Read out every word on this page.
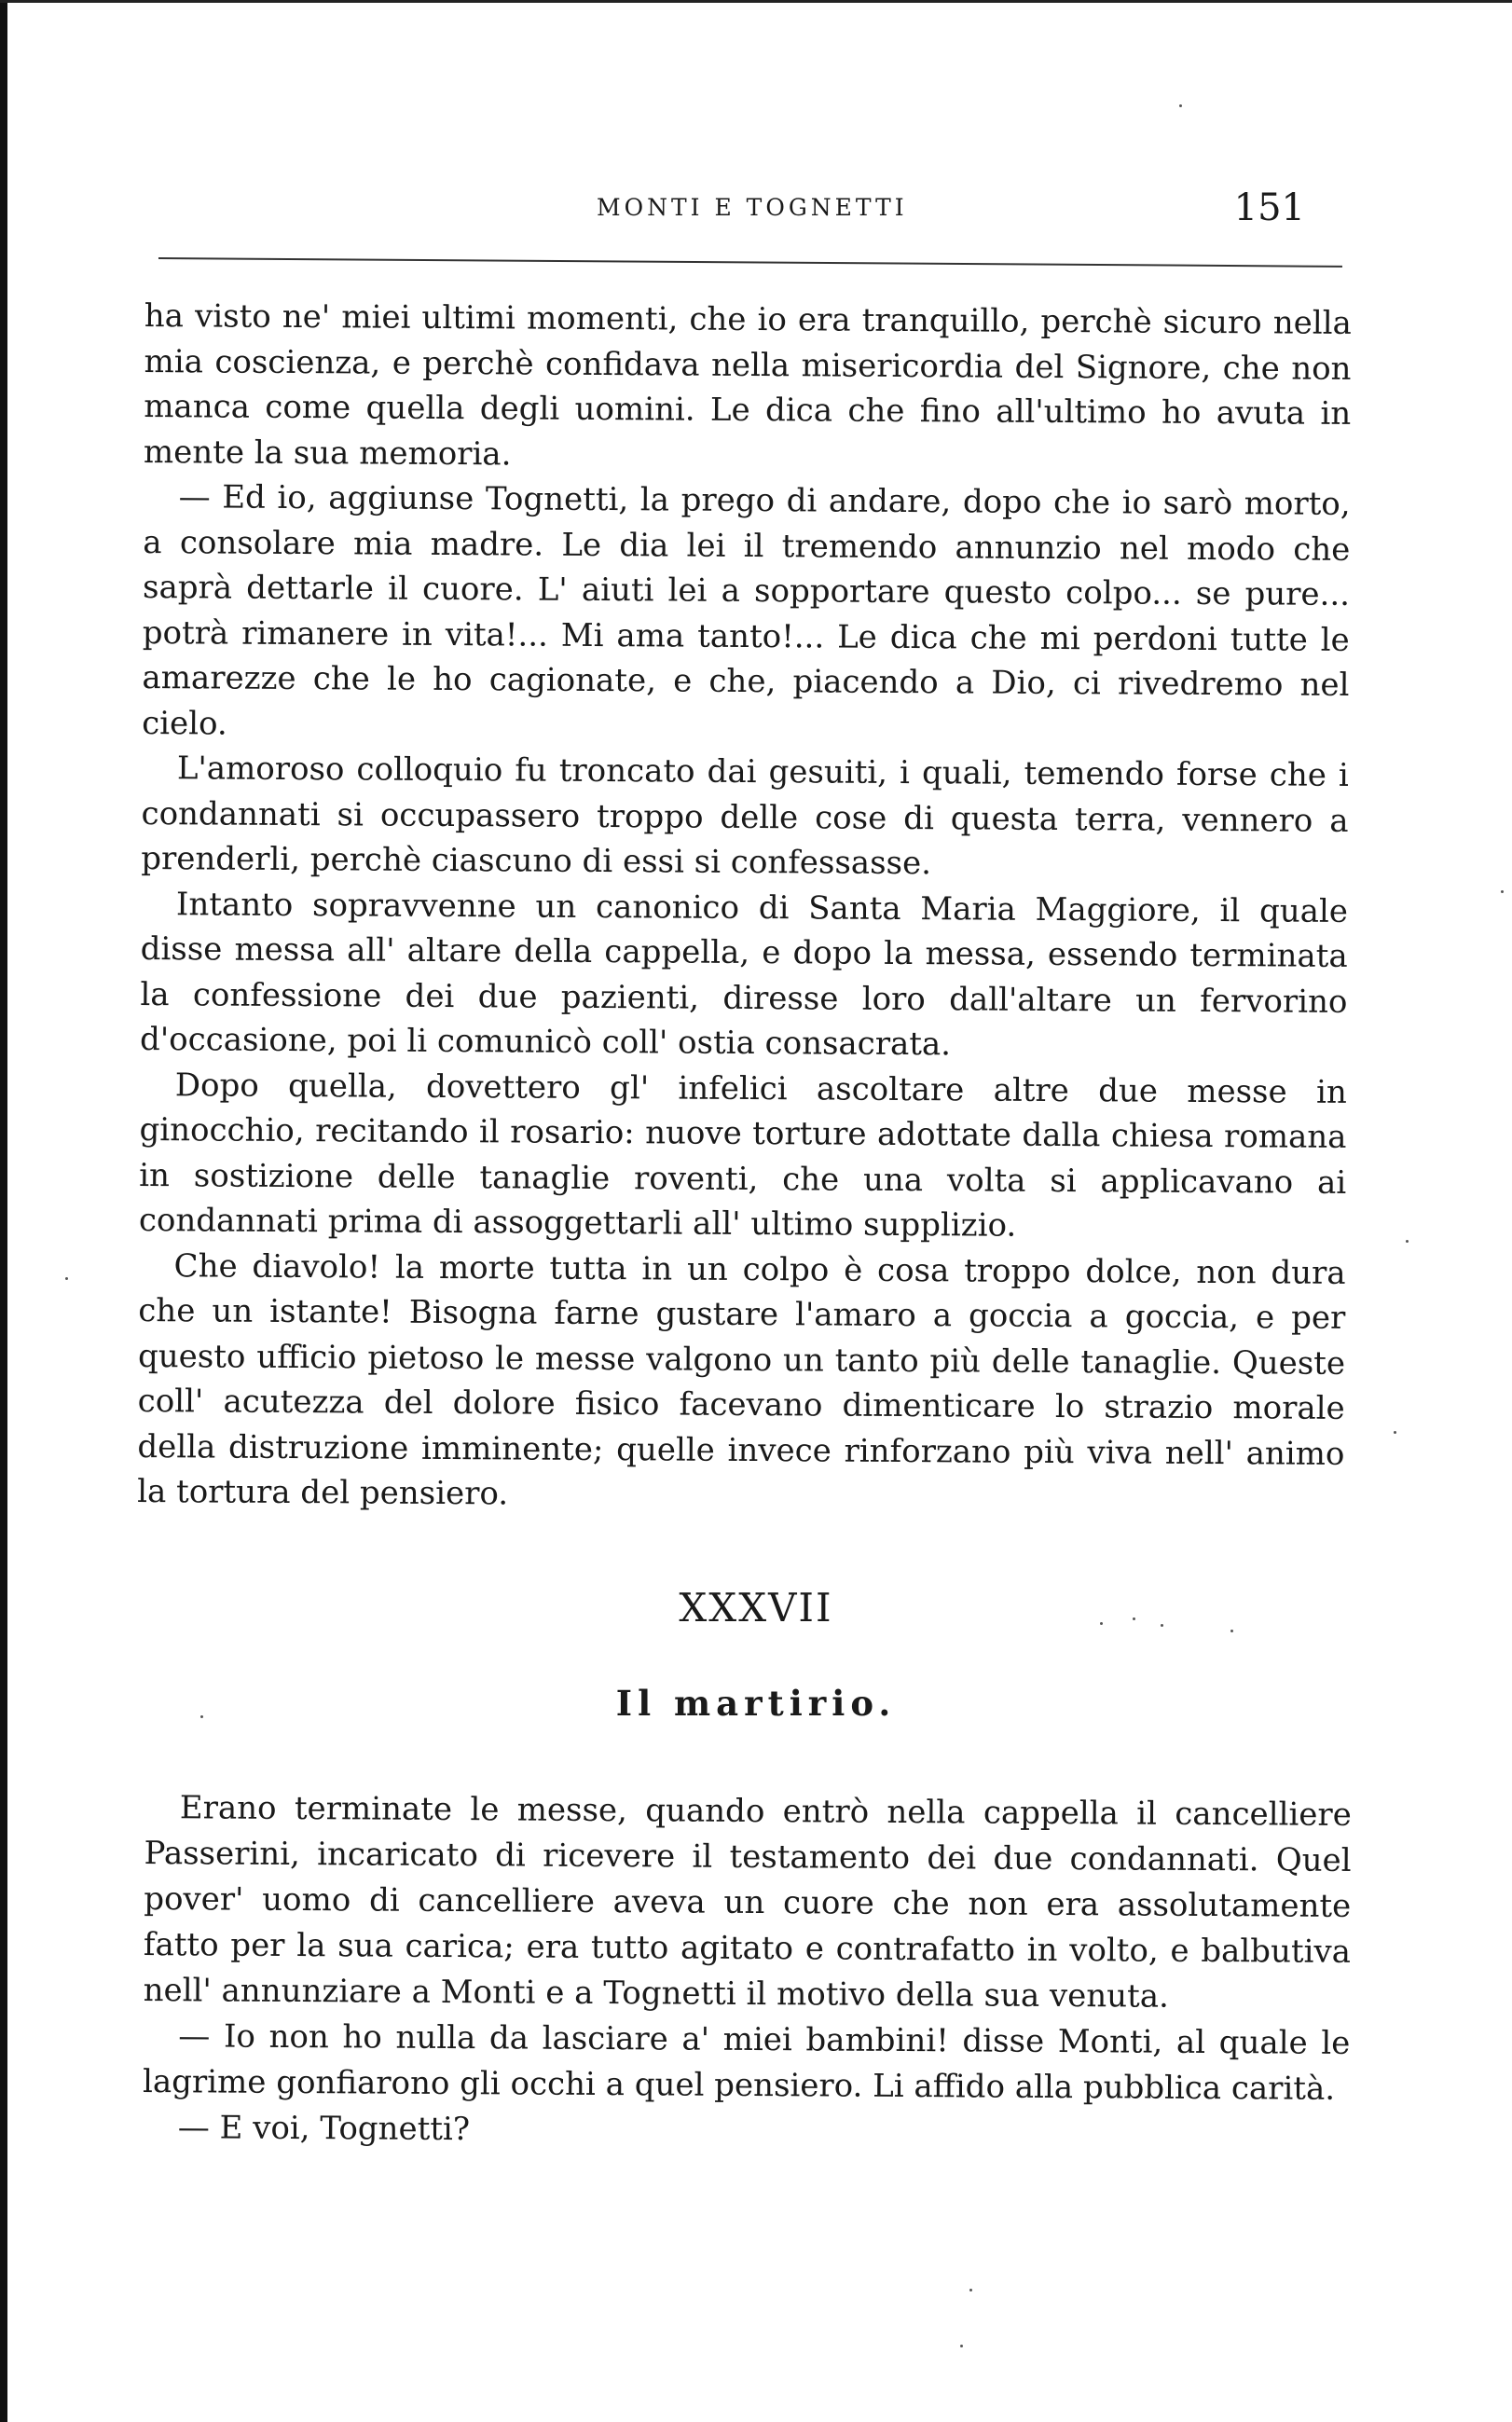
MONTI E TOGNETTI	151

ha visto ne' miei ultimi momenti, che io era tranquillo, perchè sicuro nella mia coscienza, e perchè confidava nella misericordia del Signore, che non manca come quella degli uomini. Le dica che fino all'ultimo ho avuta in mente la sua memoria.

— Ed io, aggiunse Tognetti, la prego di andare, dopo che io sarò morto, a consolare mia madre. Le dia lei il tremendo annunzio nel modo che saprà dettarle il cuore. L' aiuti lei a sopportare questo colpo... se pure... potrà rimanere in vita!... Mi ama tanto!... Le dica che mi perdoni tutte le amarezze che le ho cagionate, e che, piacendo a Dio, ci rivedremo nel cielo.

L'amoroso colloquio fu troncato dai gesuiti, i quali, temendo forse che i condannati si occupassero troppo delle cose di questa terra, vennero a prenderli, perchè ciascuno di essi si confessasse.

Intanto sopravvenne un canonico di Santa Maria Maggiore, il quale disse messa all' altare della cappella, e dopo la messa, essendo terminata la confessione dei due pazienti, diresse loro dall'altare un fervorino d'occasione, poi li comunicò coll' ostia consacrata.

Dopo quella, dovettero gl' infelici ascoltare altre due messe in ginocchio, recitando il rosario: nuove torture adottate dalla chiesa romana in sostizione delle tanaglie roventi, che una volta si applicavano ai condannati prima di assoggettarli all' ultimo supplizio.

Che diavolo! la morte tutta in un colpo è cosa troppo dolce, non dura che un istante! Bisogna farne gustare l'amaro a goccia a goccia, e per questo ufficio pietoso le messe valgono un tanto più delle tanaglie. Queste coll' acutezza del dolore fisico facevano dimenticare lo strazio morale della distruzione imminente; quelle invece rinforzano più viva nell' animo la tortura del pensiero.

XXXVII
Il martirio.

Erano terminate le messe, quando entrò nella cappella il cancelliere Passerini, incaricato di ricevere il testamento dei due condannati. Quel pover' uomo di cancelliere aveva un cuore che non era assolutamente fatto per la sua carica; era tutto agitato e contrafatto in volto, e balbutiva nell' annunziare a Monti e a Tognetti il motivo della sua venuta.

— Io non ho nulla da lasciare a' miei bambini! disse Monti, al quale le lagrime gonfiarono gli occhi a quel pensiero. Li affido alla pubblica carità.

— E voi, Tognetti?
